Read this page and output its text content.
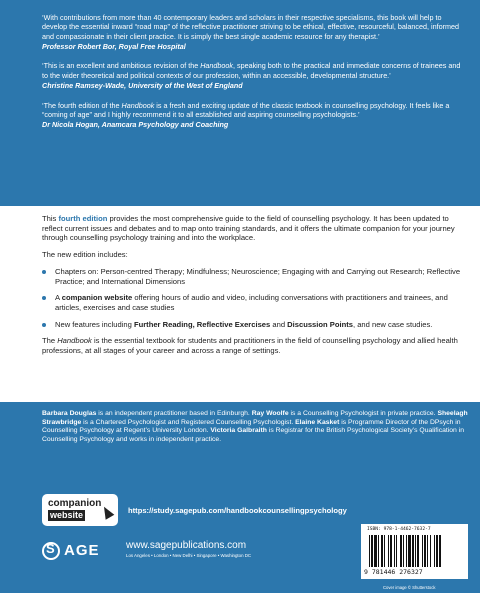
‘With contributions from more than 40 contemporary leaders and scholars in their respective specialisms, this book will help to develop the essential inward “road map” of the reflective practitioner striving to be ethical, effective, resourceful, balanced, informed and compassionate in their client practice. It is simply the best single academic resource for any therapist.’

Professor Robert Bor, Royal Free Hospital

‘This is an excellent and ambitious revision of the Handbook, speaking both to the practical and immediate concerns of trainees and to the wider theoretical and political contexts of our profession, within an accessible, developmental structure.’

Christine Ramsey-Wade, University of the West of England

‘The fourth edition of the Handbook is a fresh and exciting update of the classic textbook in counselling psychology. It feels like a “coming of age” and I highly recommend it to all established and aspiring counselling psychologists.’

Dr Nicola Hogan, Anamcara Psychology and Coaching

This fourth edition provides the most comprehensive guide to the field of counselling psychology. It has been updated to reflect current issues and debates and to map onto training standards, and it offers the ultimate companion for your journey through counselling psychology training and into the workplace.

The new edition includes:

Chapters on: Person-centred Therapy; Mindfulness; Neuroscience; Engaging with and Carrying out Research; Reflective Practice; and International Dimensions
A companion website offering hours of audio and video, including conversations with practitioners and trainees, and articles, exercises and case studies
New features including Further Reading, Reflective Exercises and Discussion Points, and new case studies.

The Handbook is the essential textbook for students and practitioners in the field of counselling psychology and allied health professions, at all stages of your career and across a range of settings.

Barbara Douglas is an independent practitioner based in Edinburgh. Ray Woolfe is a Counselling Psychologist in private practice. Sheelagh Strawbridge is a Chartered Psychologist and Registered Counselling Psychologist. Elaine Kasket is Programme Director of the DPsych in Counselling Psychology at Regent’s University London. Victoria Galbraith is Registrar for the British Psychological Society’s Qualification in Counselling Psychology and works in independent practice.
companion
website	https://study.sagepub.com/handbookcounsellingpsychology
S AGE	www.sagepublications.com
Los Angeles • London • New Delhi • Singapore • Washington DC
ISBN: 978-1-4462-7632-7
9 781446 276327
Cover image © Shutterstock
